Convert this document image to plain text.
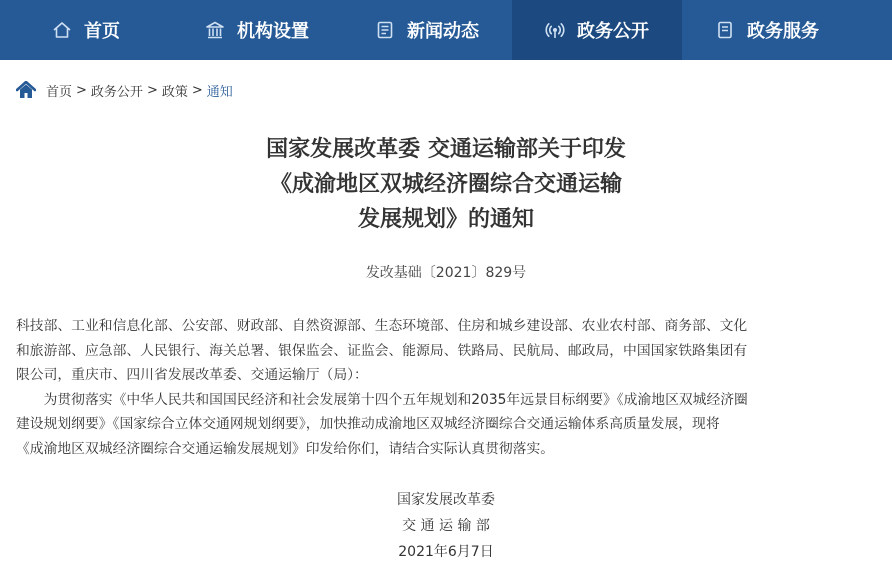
首页	机构设置	新闻动态	政务公开	政务服务
首页 > 政务公开 > 政策 > 通知
国家发展改革委 交通运输部关于印发
《成渝地区双城经济圈综合交通运输
发展规划》的通知
发改基础〔2021〕829号
科技部、工业和信息化部、公安部、财政部、自然资源部、生态环境部、住房和城乡建设部、农业农村部、商务部、文化
和旅游部、应急部、人民银行、海关总署、银保监会、证监会、能源局、铁路局、民航局、邮政局，中国国家铁路集团有
限公司，重庆市、四川省发展改革委、交通运输厅（局）：
　　为贯彻落实《中华人民共和国国民经济和社会发展第十四个五年规划和2035年远景目标纲要》《成渝地区双城经济圈
建设规划纲要》《国家综合立体交通网规划纲要》，加快推动成渝地区双城经济圈综合交通运输体系高质量发展，现将
《成渝地区双城经济圈综合交通运输发展规划》印发给你们，请结合实际认真贯彻落实。
国家发展改革委
交 通 运 输 部
2021年6月7日
